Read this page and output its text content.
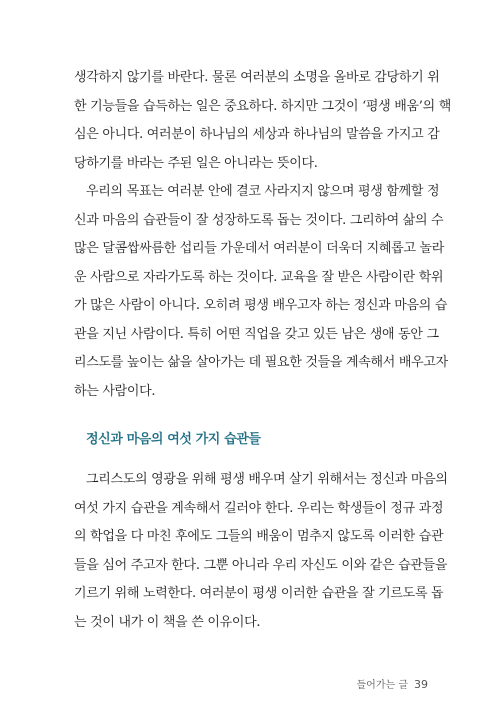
생각하지 않기를 바란다. 물론 여러분의 소명을 올바로 감당하기 위
한 기능들을 습득하는 일은 중요하다. 하지만 그것이 ‘평생 배움’의 핵
심은 아니다. 여러분이 하나님의 세상과 하나님의 말씀을 가지고 감
당하기를 바라는 주된 일은 아니라는 뜻이다.
우리의 목표는 여러분 안에 결코 사라지지 않으며 평생 함께할 정
신과 마음의 습관들이 잘 성장하도록 돕는 것이다. 그리하여 삶의 수
많은 달콤쌉싸름한 섭리들 가운데서 여러분이 더욱더 지혜롭고 놀라
운 사람으로 자라가도록 하는 것이다. 교육을 잘 받은 사람이란 학위
가 많은 사람이 아니다. 오히려 평생 배우고자 하는 정신과 마음의 습
관을 지닌 사람이다. 특히 어떤 직업을 갖고 있든 남은 생애 동안 그
리스도를 높이는 삶을 살아가는 데 필요한 것들을 계속해서 배우고자
하는 사람이다.
정신과 마음의 여섯 가지 습관들
그리스도의 영광을 위해 평생 배우며 살기 위해서는 정신과 마음의
여섯 가지 습관을 계속해서 길러야 한다. 우리는 학생들이 정규 과정
의 학업을 다 마친 후에도 그들의 배움이 멈추지 않도록 이러한 습관
들을 심어 주고자 한다. 그뿐 아니라 우리 자신도 이와 같은 습관들을
기르기 위해 노력한다. 여러분이 평생 이러한 습관을 잘 기르도록 돕
는 것이 내가 이 책을 쓴 이유이다.
들어가는 글 39
